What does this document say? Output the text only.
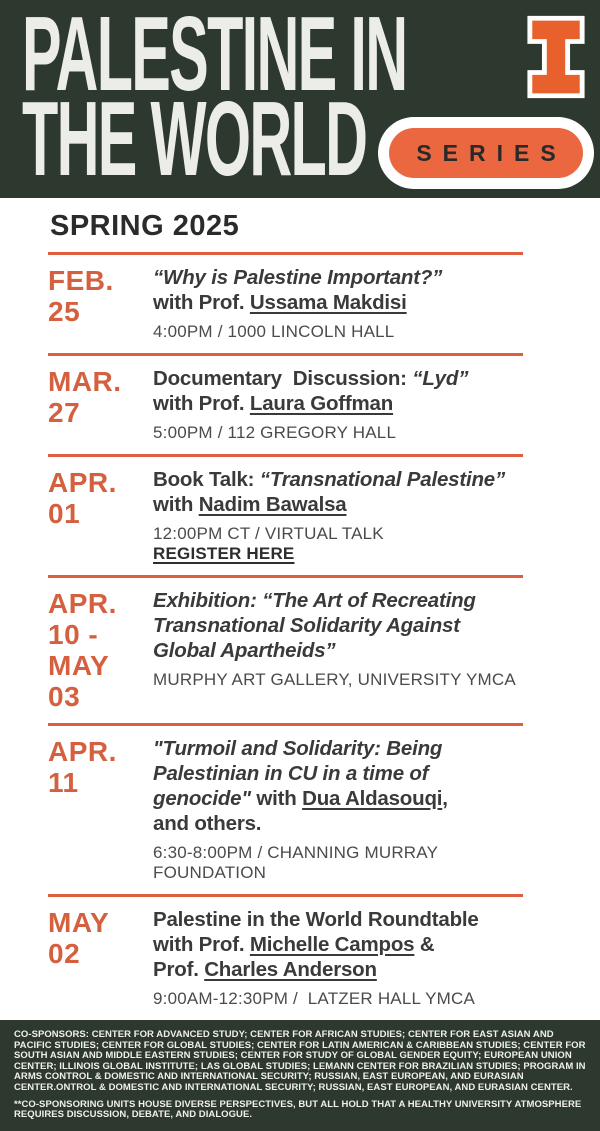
PALESTINE IN
THE WORLD	SERIES
SPRING 2025
FEB.
25
“Why is Palestine Important?”
with Prof. Ussama Makdisi
4:00PM / 1000 LINCOLN HALL
MAR.
27
Documentary  Discussion: “Lyd”
with Prof. Laura Goffman
5:00PM / 112 GREGORY HALL
APR.
01
Book Talk: “Transnational Palestine”
with Nadim Bawalsa
12:00PM CT / VIRTUAL TALK
REGISTER HERE
APR.
10 -
MAY
03
Exhibition: “The Art of Recreating
Transnational Solidarity Against
Global Apartheids”
MURPHY ART GALLERY, UNIVERSITY YMCA
APR.
11
"Turmoil and Solidarity: Being
Palestinian in CU in a time of
genocide" with Dua Aldasouqi,
and others.
6:30-8:00PM / CHANNING MURRAY FOUNDATION
MAY
02
Palestine in the World Roundtable
with Prof. Michelle Campos &
Prof. Charles Anderson
9:00AM-12:30PM /  LATZER HALL YMCA

CO-SPONSORS: CENTER FOR ADVANCED STUDY; CENTER FOR AFRICAN STUDIES; CENTER FOR EAST ASIAN AND PACIFIC STUDIES; CENTER FOR GLOBAL STUDIES; CENTER FOR LATIN AMERICAN & CARIBBEAN STUDIES; CENTER FOR SOUTH ASIAN AND MIDDLE EASTERN STUDIES; CENTER FOR STUDY OF GLOBAL GENDER EQUITY; EUROPEAN UNION CENTER; ILLINOIS GLOBAL INSTITUTE; LAS GLOBAL STUDIES; LEMANN CENTER FOR BRAZILIAN STUDIES; PROGRAM IN ARMS CONTROL & DOMESTIC AND INTERNATIONAL SECURITY; RUSSIAN, EAST EUROPEAN, AND EURASIAN CENTER.ONTROL & DOMESTIC AND INTERNATIONAL SECURITY; RUSSIAN, EAST EUROPEAN, AND EURASIAN CENTER.

**CO-SPONSORING UNITS HOUSE DIVERSE PERSPECTIVES, BUT ALL HOLD THAT A HEALTHY UNIVERSITY ATMOSPHERE REQUIRES DISCUSSION, DEBATE, AND DIALOGUE.
